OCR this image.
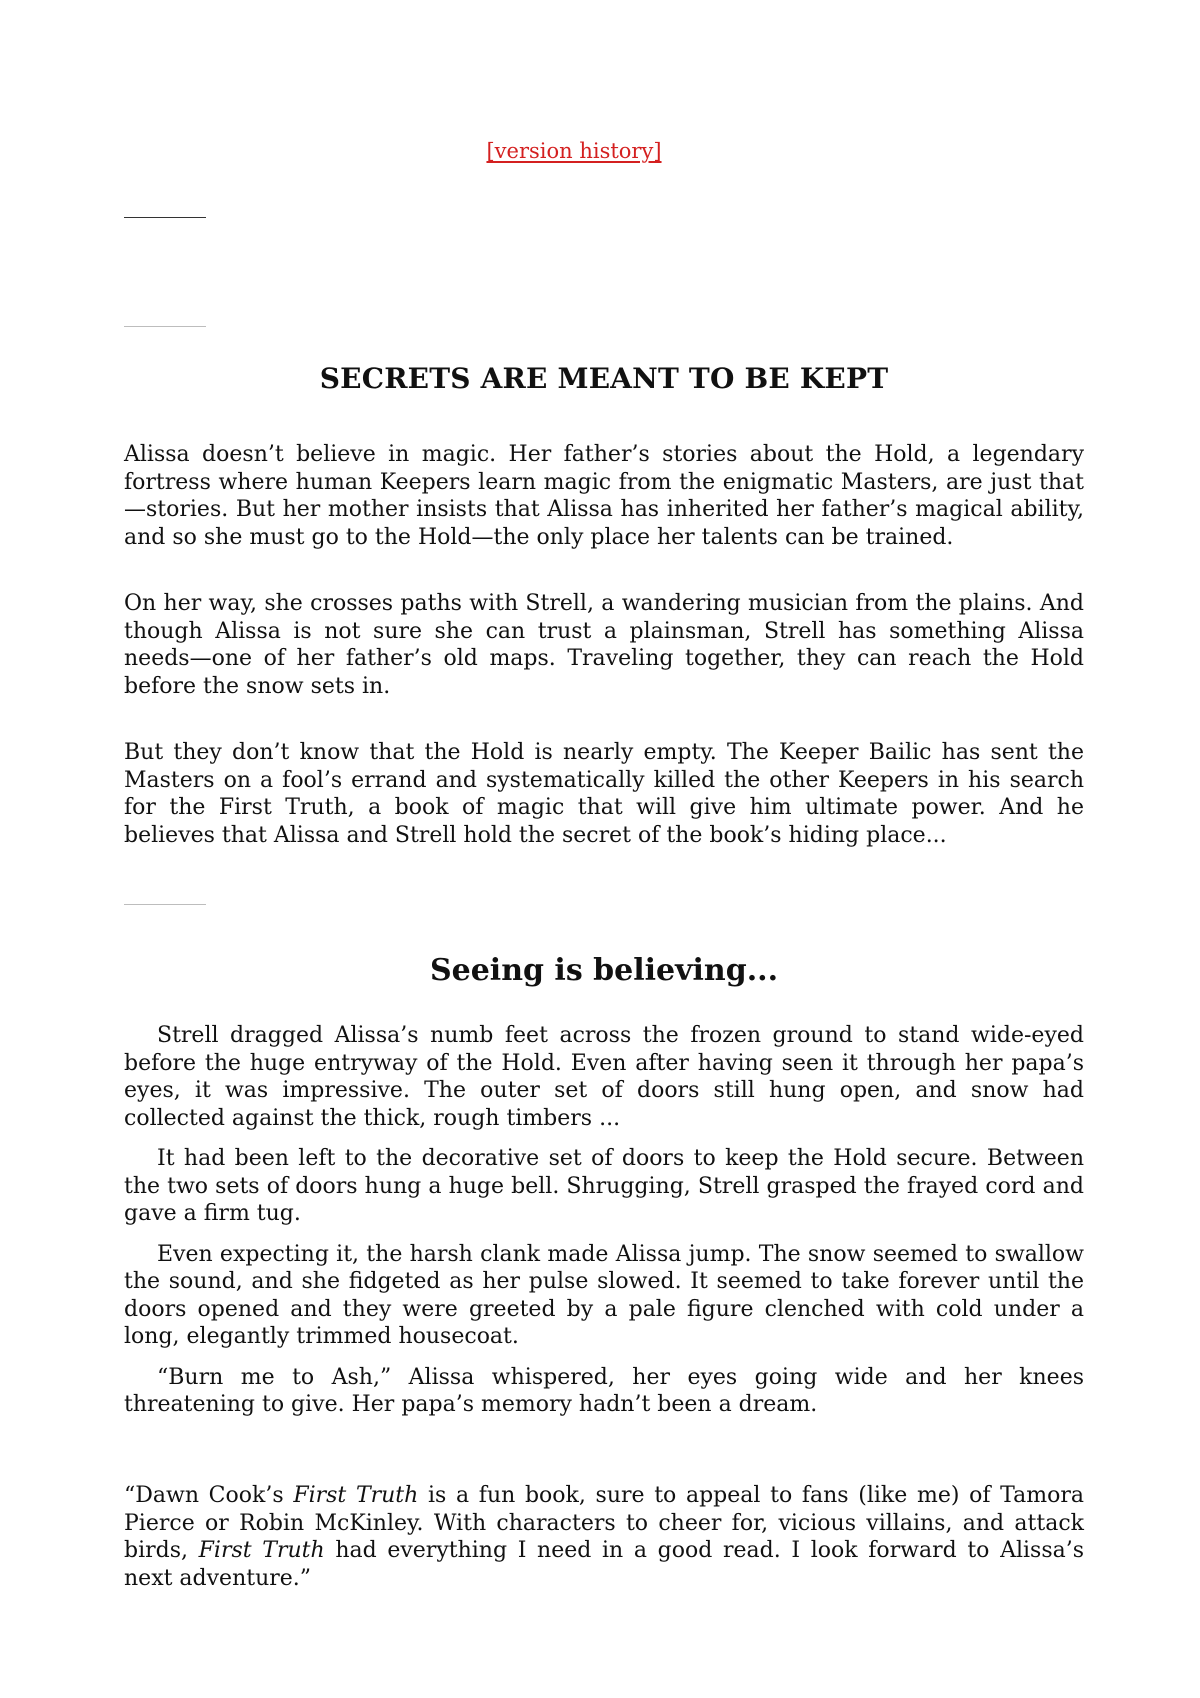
[version history]
SECRETS ARE MEANT TO BE KEPT

Alissa doesn’t believe in magic. Her father’s stories about the Hold, a legendary fortress where human Keepers learn magic from the enigmatic Masters, are just that—stories. But her mother insists that Alissa has inherited her father’s magical ability, and so she must go to the Hold—the only place her talents can be trained.

On her way, she crosses paths with Strell, a wandering musician from the plains. And though Alissa is not sure she can trust a plainsman, Strell has something Alissa needs—one of her father’s old maps. Traveling together, they can reach the Hold before the snow sets in.

But they don’t know that the Hold is nearly empty. The Keeper Bailic has sent the Masters on a fool’s errand and systematically killed the other Keepers in his search for the First Truth, a book of magic that will give him ultimate power. And he believes that Alissa and Strell hold the secret of the book’s hiding place...

Seeing is believing...

Strell dragged Alissa’s numb feet across the frozen ground to stand wide-eyed before the huge entryway of the Hold. Even after having seen it through her papa’s eyes, it was impressive. The outer set of doors still hung open, and snow had collected against the thick, rough timbers ...

It had been left to the decorative set of doors to keep the Hold secure. Between the two sets of doors hung a huge bell. Shrugging, Strell grasped the frayed cord and gave a firm tug.

Even expecting it, the harsh clank made Alissa jump. The snow seemed to swallow the sound, and she fidgeted as her pulse slowed. It seemed to take forever until the doors opened and they were greeted by a pale figure clenched with cold under a long, elegantly trimmed housecoat.

“Burn me to Ash,” Alissa whispered, her eyes going wide and her knees threatening to give. Her papa’s memory hadn’t been a dream.

“Dawn Cook’s First Truth is a fun book, sure to appeal to fans (like me) of Tamora Pierce or Robin McKinley. With characters to cheer for, vicious villains, and attack birds, First Truth had everything I need in a good read. I look forward to Alissa’s next adventure.”
